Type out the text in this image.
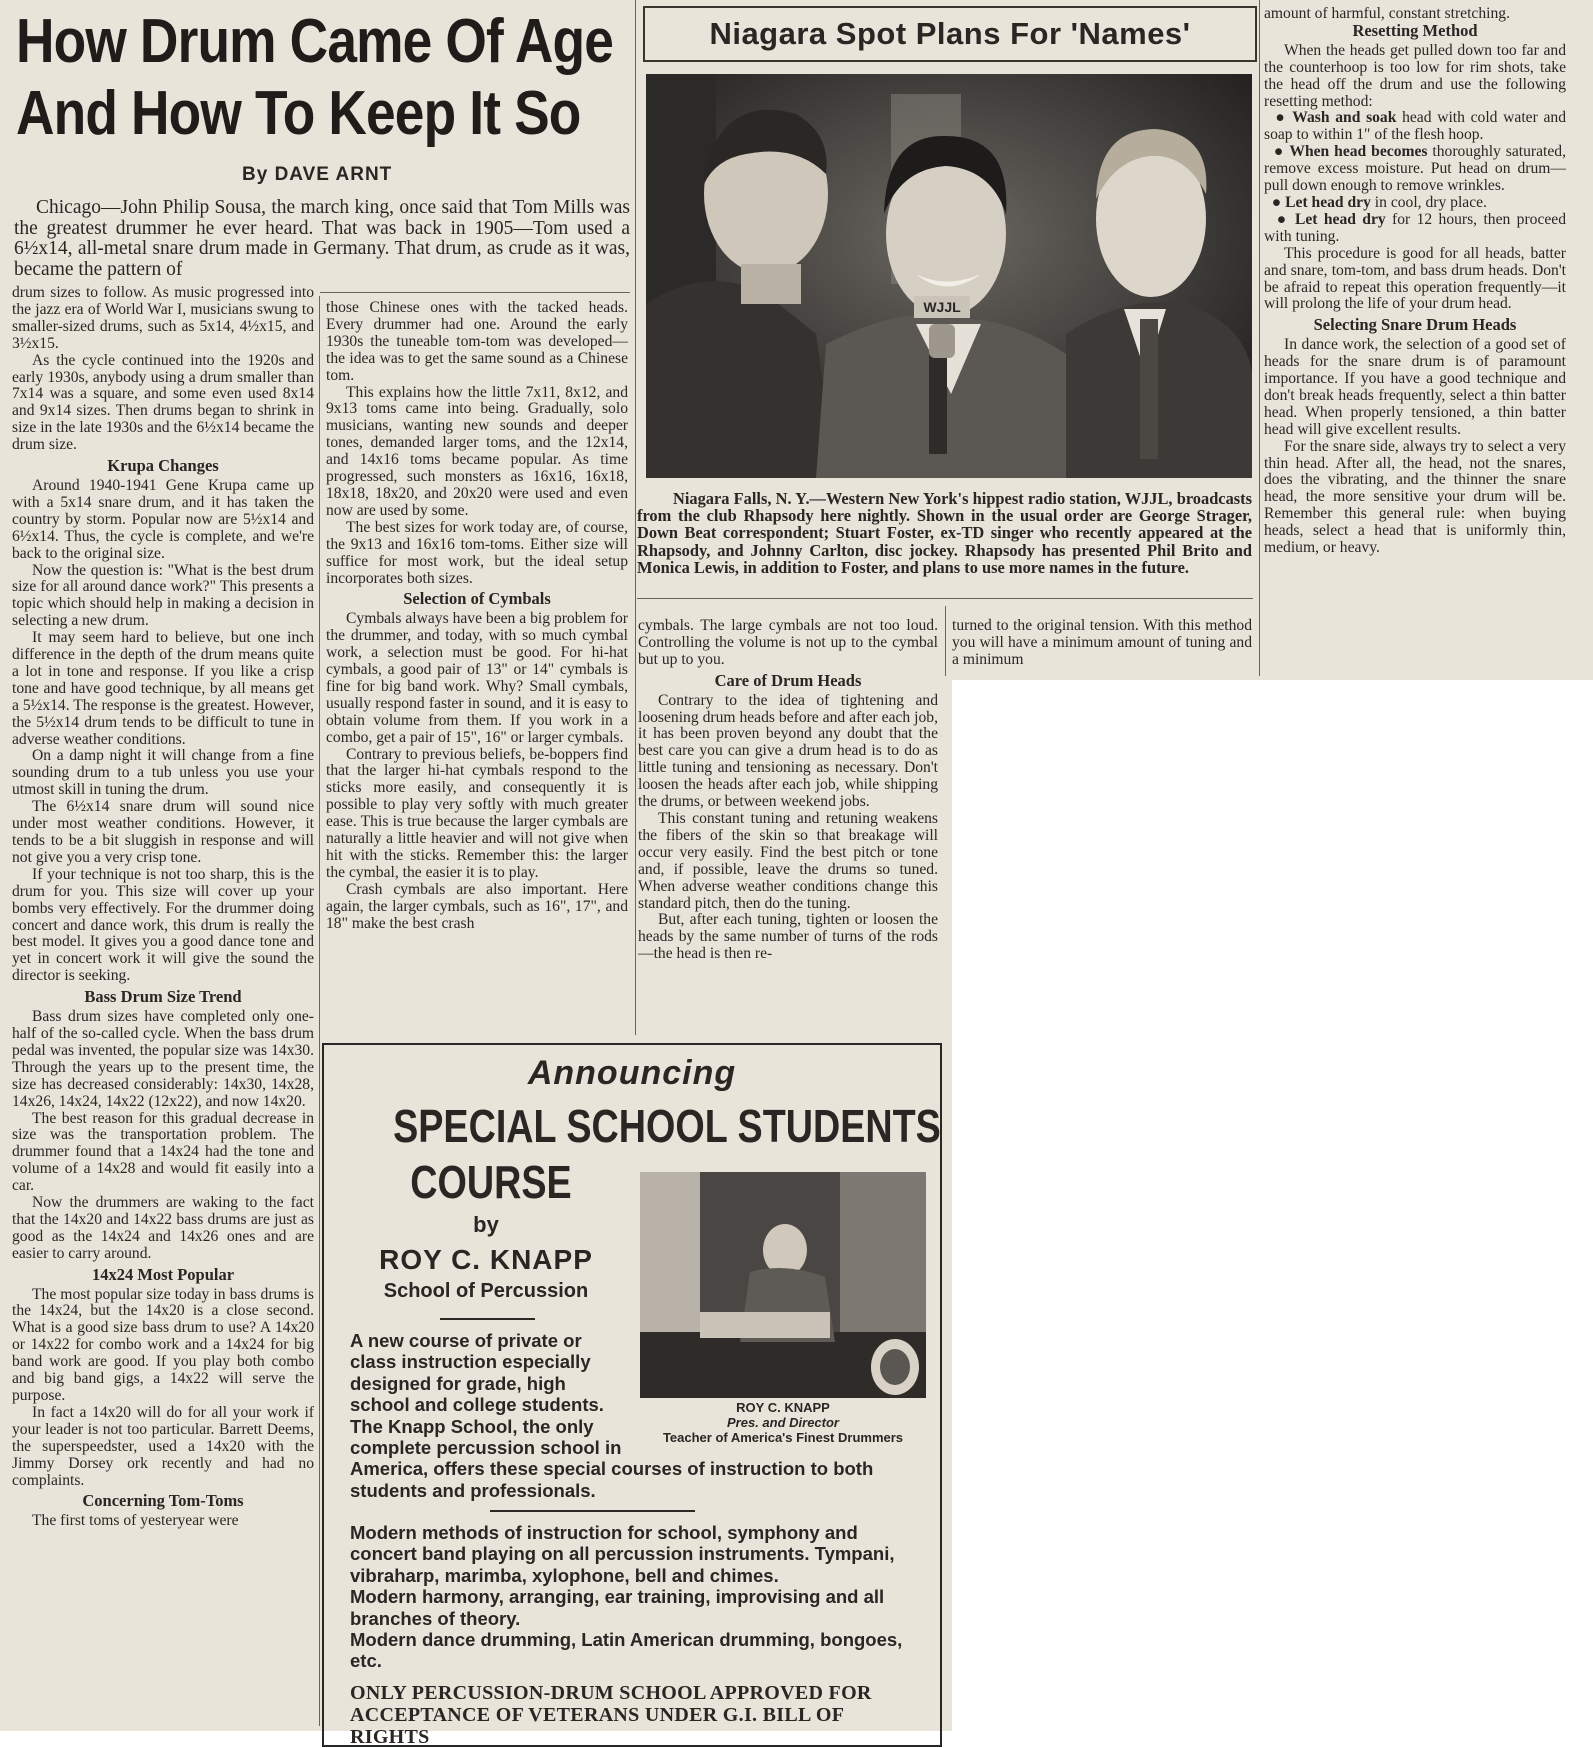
How Drum Came Of Age
And How To Keep It So
By DAVE ARNT

Chicago—John Philip Sousa, the march king, once said that Tom Mills was the greatest drummer he ever heard. That was back in 1905—Tom used a 6½x14, all-metal snare drum made in Germany. That drum, as crude as it was, became the pattern of

drum sizes to follow. As music progressed into the jazz era of World War I, musicians swung to smaller-sized drums, such as 5x14, 4½x15, and 3½x15.

As the cycle continued into the 1920s and early 1930s, anybody using a drum smaller than 7x14 was a square, and some even used 8x14 and 9x14 sizes. Then drums began to shrink in size in the late 1930s and the 6½x14 became the drum size.

Krupa Changes

Around 1940-1941 Gene Krupa came up with a 5x14 snare drum, and it has taken the country by storm. Popular now are 5½x14 and 6½x14. Thus, the cycle is complete, and we're back to the original size.

Now the question is: "What is the best drum size for all around dance work?" This presents a topic which should help in making a decision in selecting a new drum.

It may seem hard to believe, but one inch difference in the depth of the drum means quite a lot in tone and response. If you like a crisp tone and have good technique, by all means get a 5½x14. The response is the greatest. However, the 5½x14 drum tends to be difficult to tune in adverse weather conditions.

On a damp night it will change from a fine sounding drum to a tub unless you use your utmost skill in tuning the drum.

The 6½x14 snare drum will sound nice under most weather conditions. However, it tends to be a bit sluggish in response and will not give you a very crisp tone.

If your technique is not too sharp, this is the drum for you. This size will cover up your bombs very effectively. For the drummer doing concert and dance work, this drum is really the best model. It gives you a good dance tone and yet in concert work it will give the sound the director is seeking.

Bass Drum Size Trend

Bass drum sizes have completed only one-half of the so-called cycle. When the bass drum pedal was invented, the popular size was 14x30. Through the years up to the present time, the size has decreased considerably: 14x30, 14x28, 14x26, 14x24, 14x22 (12x22), and now 14x20.

The best reason for this gradual decrease in size was the transportation problem. The drummer found that a 14x24 had the tone and volume of a 14x28 and would fit easily into a car.

Now the drummers are waking to the fact that the 14x20 and 14x22 bass drums are just as good as the 14x24 and 14x26 ones and are easier to carry around.

14x24 Most Popular

The most popular size today in bass drums is the 14x24, but the 14x20 is a close second. What is a good size bass drum to use? A 14x20 or 14x22 for combo work and a 14x24 for big band work are good. If you play both combo and big band gigs, a 14x22 will serve the purpose.

In fact a 14x20 will do for all your work if your leader is not too particular. Barrett Deems, the superspeedster, used a 14x20 with the Jimmy Dorsey ork recently and had no complaints.

Concerning Tom-Toms

The first toms of yesteryear were

those Chinese ones with the tacked heads. Every drummer had one. Around the early 1930s the tuneable tom-tom was developed—the idea was to get the same sound as a Chinese tom.

This explains how the little 7x11, 8x12, and 9x13 toms came into being. Gradually, solo musicians, wanting new sounds and deeper tones, demanded larger toms, and the 12x14, and 14x16 toms became popular. As time progressed, such monsters as 16x16, 16x18, 18x18, 18x20, and 20x20 were used and even now are used by some.

The best sizes for work today are, of course, the 9x13 and 16x16 tom-toms. Either size will suffice for most work, but the ideal setup incorporates both sizes.

Selection of Cymbals

Cymbals always have been a big problem for the drummer, and today, with so much cymbal work, a selection must be good. For hi-hat cymbals, a good pair of 13" or 14" cymbals is fine for big band work. Why? Small cymbals, usually respond faster in sound, and it is easy to obtain volume from them. If you work in a combo, get a pair of 15", 16" or larger cymbals.

Contrary to previous beliefs, be-boppers find that the larger hi-hat cymbals respond to the sticks more easily, and consequently it is possible to play very softly with much greater ease. This is true because the larger cymbals are naturally a little heavier and will not give when hit with the sticks. Remember this: the larger the cymbal, the easier it is to play.

Crash cymbals are also important. Here again, the larger cymbals, such as 16", 17", and 18" make the best crash

Niagara Spot Plans For 'Names'
WJJL

Niagara Falls, N. Y.—Western New York's hippest radio station, WJJL, broadcasts from the club Rhapsody here nightly. Shown in the usual order are George Strager, Down Beat correspondent; Stuart Foster, ex-TD singer who recently appeared at the Rhapsody, and Johnny Carlton, disc jockey. Rhapsody has presented Phil Brito and Monica Lewis, in addition to Foster, and plans to use more names in the future.

cymbals. The large cymbals are not too loud. Controlling the volume is not up to the cymbal but up to you.

Care of Drum Heads

Contrary to the idea of tightening and loosening drum heads before and after each job, it has been proven beyond any doubt that the best care you can give a drum head is to do as little tuning and tensioning as necessary. Don't loosen the heads after each job, while shipping the drums, or between weekend jobs.

This constant tuning and retuning weakens the fibers of the skin so that breakage will occur very easily. Find the best pitch or tone and, if possible, leave the drums so tuned. When adverse weather conditions change this standard pitch, then do the tuning.

But, after each tuning, tighten or loosen the heads by the same number of turns of the rods—the head is then re-

turned to the original tension. With this method you will have a minimum amount of tuning and a minimum

amount of harmful, constant stretching.

Resetting Method

When the heads get pulled down too far and the counterhoop is too low for rim shots, take the head off the drum and use the following resetting method:

● Wash and soak head with cold water and soap to within 1" of the flesh hoop.

● When head becomes thoroughly saturated, remove excess moisture. Put head on drum—pull down enough to remove wrinkles.

● Let head dry in cool, dry place.

● Let head dry for 12 hours, then proceed with tuning.

This procedure is good for all heads, batter and snare, tom-tom, and bass drum heads. Don't be afraid to repeat this operation frequently—it will prolong the life of your drum head.

Selecting Snare Drum Heads

In dance work, the selection of a good set of heads for the snare drum is of paramount importance. If you have a good technique and don't break heads frequently, select a thin batter head. When properly tensioned, a thin batter head will give excellent results.

For the snare side, always try to select a very thin head. After all, the head, not the snares, does the vibrating, and the thinner the snare head, the more sensitive your drum will be. Remember this general rule: when buying heads, select a head that is uniformly thin, medium, or heavy.

Announcing
SPECIAL SCHOOL STUDENTS
COURSE
by
ROY C. KNAPP
School of Percussion
ROY C. KNAPP
Pres. and Director
Teacher of America's Finest Drummers
A new course of private or class instruction especially designed for grade, high school and college students. The Knapp School, the only complete percussion school in America, offers these special courses of instruction to both students and professionals.

Modern methods of instruction for school, symphony and concert band playing on all percussion instruments. Tympani, vibraharp, marimba, xylophone, bell and chimes.

Modern harmony, arranging, ear training, improvising and all branches of theory.

Modern dance drumming, Latin American drumming, bongoes, etc.

ONLY PERCUSSION-DRUM SCHOOL APPROVED FOR ACCEPTANCE OF VETERANS UNDER G.I. BILL OF RIGHTS
